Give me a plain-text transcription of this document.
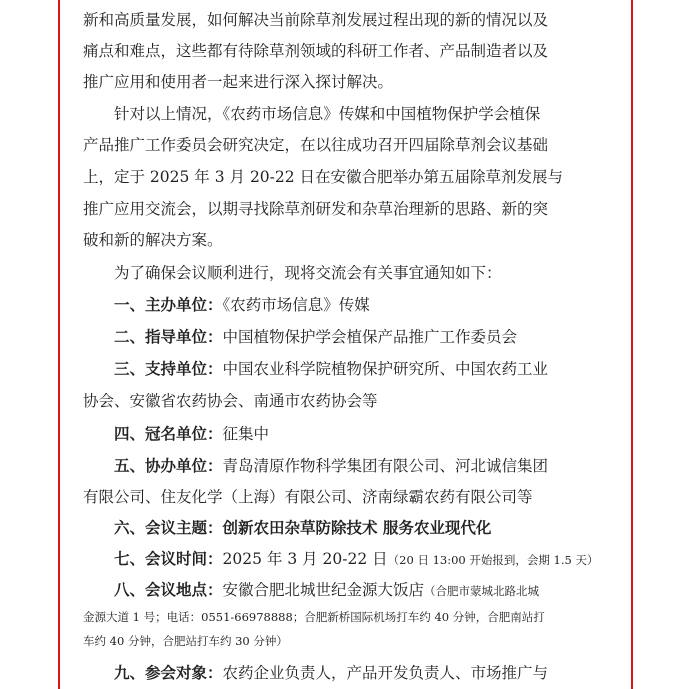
新和高质量发展，如何解决当前除草剂发展过程出现的新的情况以及
痛点和难点，这些都有待除草剂领域的科研工作者、产品制造者以及
推广应用和使用者一起来进行深入探讨解决。
针对以上情况，《农药市场信息》传媒和中国植物保护学会植保
产品推广工作委员会研究决定，在以往成功召开四届除草剂会议基础
上，定于 2025 年 3 月 20-22 日在安徽合肥举办第五届除草剂发展与
推广应用交流会，以期寻找除草剂研发和杂草治理新的思路、新的突
破和新的解决方案。
为了确保会议顺利进行，现将交流会有关事宜通知如下：
一、主办单位：《农药市场信息》传媒
二、指导单位：中国植物保护学会植保产品推广工作委员会
三、支持单位：中国农业科学院植物保护研究所、中国农药工业
协会、安徽省农药协会、南通市农药协会等
四、冠名单位：征集中
五、协办单位：青岛清原作物科学集团有限公司、河北诚信集团
有限公司、住友化学（上海）有限公司、济南绿霸农药有限公司等
六、会议主题：创新农田杂草防除技术 服务农业现代化
七、会议时间：2025 年 3 月 20-22 日（20 日 13:00 开始报到，会期 1.5 天）
八、会议地点：安徽合肥北城世纪金源大饭店（合肥市蒙城北路北城
金源大道 1 号；电话：0551-66978888；合肥新桥国际机场打车约 40 分钟，合肥南站打
车约 40 分钟，合肥站打车约 30 分钟）
九、参会对象：农药企业负责人，产品开发负责人、市场推广与
